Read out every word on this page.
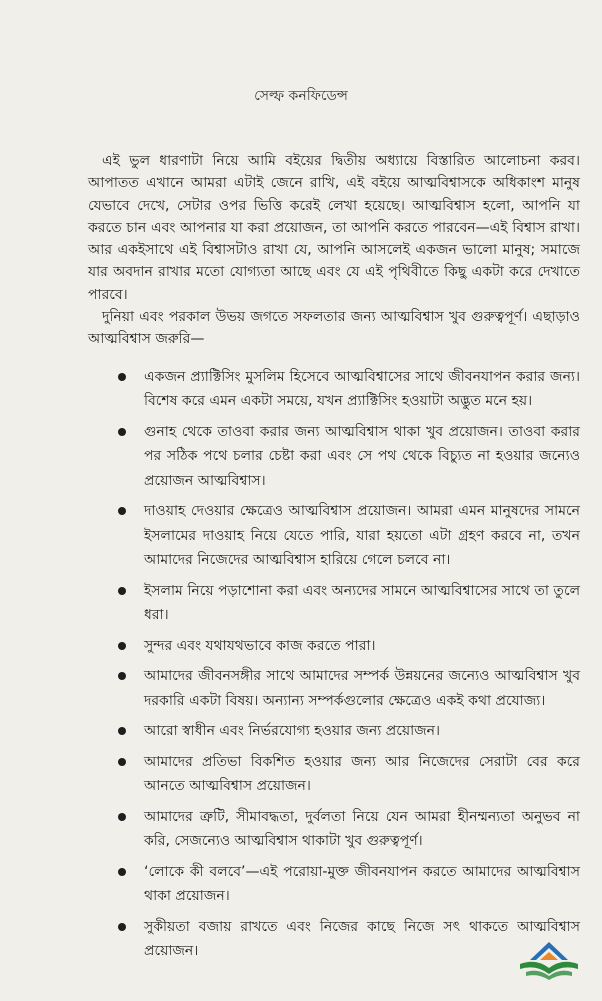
সেল্ফ কনফিডেন্স

এই ভুল ধারণাটা নিয়ে আমি বইয়ের দ্বিতীয় অধ্যায়ে বিস্তারিত আলোচনা করব। আপাতত এখানে আমরা এটাই জেনে রাখি, এই বইয়ে আত্মবিশ্বাসকে অধিকাংশ মানুষ যেভাবে দেখে, সেটার ওপর ভিত্তি করেই লেখা হয়েছে। আত্মবিশ্বাস হলো, আপনি যা করতে চান এবং আপনার যা করা প্রয়োজন, তা আপনি করতে পারবেন—এই বিশ্বাস রাখা। আর একইসাথে এই বিশ্বাসটাও রাখা যে, আপনি আসলেই একজন ভালো মানুষ; সমাজে যার অবদান রাখার মতো যোগ্যতা আছে এবং যে এই পৃথিবীতে কিছু একটা করে দেখাতে পারবে।

দুনিয়া এবং পরকাল উভয় জগতে সফলতার জন্য আত্মবিশ্বাস খুব গুরুত্বপূর্ণ। এছাড়াও আত্মবিশ্বাস জরুরি—

একজন প্র্যাক্টিসিং মুসলিম হিসেবে আত্মবিশ্বাসের সাথে জীবনযাপন করার জন্য। বিশেষ করে এমন একটা সময়ে, যখন প্র্যাক্টিসিং হওয়াটা অদ্ভুত মনে হয়।
গুনাহ থেকে তাওবা করার জন্য আত্মবিশ্বাস থাকা খুব প্রয়োজন। তাওবা করার পর সঠিক পথে চলার চেষ্টা করা এবং সে পথ থেকে বিচ্যুত না হওয়ার জন্যেও প্রয়োজন আত্মবিশ্বাস।
দাওয়াহ দেওয়ার ক্ষেত্রেও আত্মবিশ্বাস প্রয়োজন। আমরা এমন মানুষদের সামনে ইসলামের দাওয়াহ নিয়ে যেতে পারি, যারা হয়তো এটা গ্রহণ করবে না, তখন আমাদের নিজেদের আত্মবিশ্বাস হারিয়ে গেলে চলবে না।
ইসলাম নিয়ে পড়াশোনা করা এবং অন্যদের সামনে আত্মবিশ্বাসের সাথে তা তুলে ধরা।
সুন্দর এবং যথাযথভাবে কাজ করতে পারা।
আমাদের জীবনসঙ্গীর সাথে আমাদের সম্পর্ক উন্নয়নের জন্যেও আত্মবিশ্বাস খুব দরকারি একটা বিষয়। অন্যান্য সম্পর্কগুলোর ক্ষেত্রেও একই কথা প্রযোজ্য।
আরো স্বাধীন এবং নির্ভরযোগ্য হওয়ার জন্য প্রয়োজন।
আমাদের প্রতিভা বিকশিত হওয়ার জন্য আর নিজেদের সেরাটা বের করে আনতে আত্মবিশ্বাস প্রয়োজন।
আমাদের ত্রুটি, সীমাবদ্ধতা, দুর্বলতা নিয়ে যেন আমরা হীনম্মন্যতা অনুভব না করি, সেজন্যেও আত্মবিশ্বাস থাকাটা খুব গুরুত্বপূর্ণ।
‘লোকে কী বলবে’—এই পরোয়া-মুক্ত জীবনযাপন করতে আমাদের আত্মবিশ্বাস থাকা প্রয়োজন।
সুকীয়তা বজায় রাখতে এবং নিজের কাছে নিজে সৎ থাকতে আত্মবিশ্বাস প্রয়োজন।
